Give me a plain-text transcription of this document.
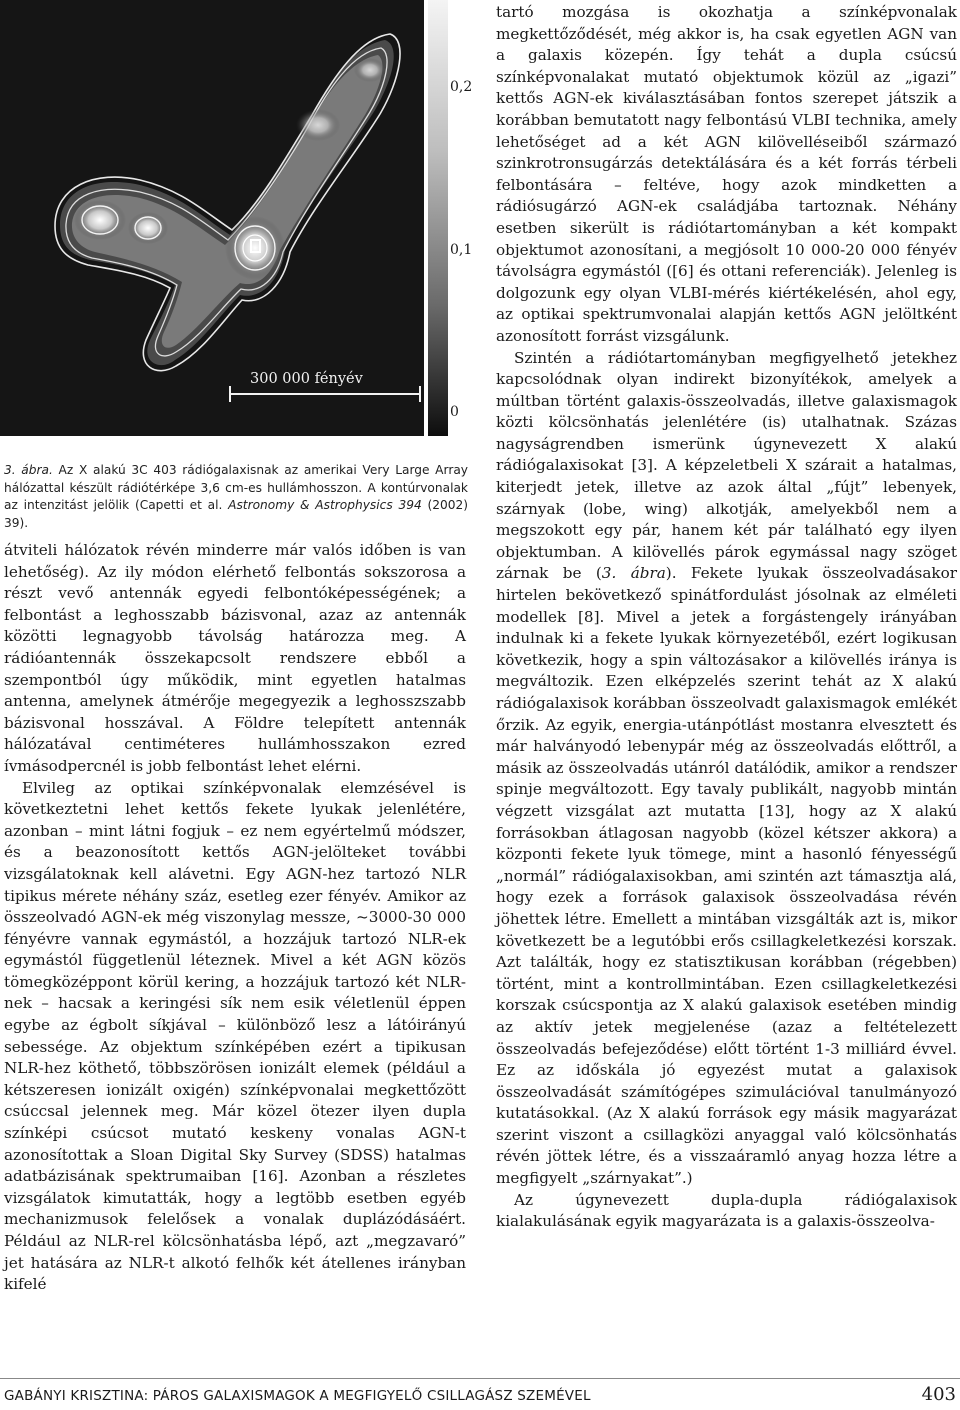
300 000 fényév
0,2
0,1
0
3. ábra. Az X alakú 3C 403 rádiógalaxisnak az amerikai Very Large Array hálózattal készült rádiótérképe 3,6 cm-es hullámhosszon. A kontúrvonalak az intenzitást jelölik (Capetti et al. Astronomy & Astrophysics 394 (2002) 39).

átviteli hálózatok révén minderre már valós időben is van lehetőség). Az ily módon elérhető felbontás sokszorosa a részt vevő antennák egyedi felbontóképességének; a felbontást a leghosszabb bázisvonal, azaz az antennák közötti legnagyobb távolság határozza meg. A rádióantennák összekapcsolt rendszere ebből a szempontból úgy működik, mint egyetlen hatalmas antenna, amelynek átmérője megegyezik a leghosszszabb bázisvonal hosszával. A Földre telepített antennák hálózatával centiméteres hullámhosszakon ezred ívmásodpercnél is jobb felbontást lehet elérni.

Elvileg az optikai színképvonalak elemzésével is következtetni lehet kettős fekete lyukak jelenlétére, azonban – mint látni fogjuk – ez nem egyértelmű módszer, és a beazonosított kettős AGN-jelölteket további vizsgálatoknak kell alávetni. Egy AGN-hez tartozó NLR tipikus mérete néhány száz, esetleg ezer fényév. Amikor az összeolvadó AGN-ek még viszonylag messze, ~3000-30 000 fényévre vannak egymástól, a hozzájuk tartozó NLR-ek egymástól függetlenül léteznek. Mivel a két AGN közös tömegközéppont körül kering, a hozzájuk tartozó két NLR-nek – hacsak a keringési sík nem esik véletlenül éppen egybe az égbolt síkjával – különböző lesz a látóirányú sebessége. Az objektum színképében ezért a tipikusan NLR-hez köthető, többszörösen ionizált elemek (például a kétszeresen ionizált oxigén) színképvonalai megkettőzött csúccsal jelennek meg. Már közel ötezer ilyen dupla színképi csúcsot mutató keskeny vonalas AGN-t azonosítottak a Sloan Digital Sky Survey (SDSS) hatalmas adatbázisának spektrumaiban [16]. Azonban a részletes vizsgálatok kimutatták, hogy a legtöbb esetben egyéb mechanizmusok felelősek a vonalak duplázódásáért. Például az NLR-rel kölcsönhatásba lépő, azt „megzavaró” jet hatására az NLR-t alkotó felhők két átellenes irányban kifelé

tartó mozgása is okozhatja a színképvonalak megkettőződését, még akkor is, ha csak egyetlen AGN van a galaxis közepén. Így tehát a dupla csúcsú színképvonalakat mutató objektumok közül az „igazi” kettős AGN-ek kiválasztásában fontos szerepet játszik a korábban bemutatott nagy felbontású VLBI technika, amely lehetőséget ad a két AGN kilövelléseiből származó szinkrotronsugárzás detektálására és a két forrás térbeli felbontására – feltéve, hogy azok mindketten a rádiósugárzó AGN-ek családjába tartoznak. Néhány esetben sikerült is rádiótartományban a két kompakt objektumot azonosítani, a megjósolt 10 000-20 000 fényév távolságra egymástól ([6] és ottani referenciák). Jelenleg is dolgozunk egy olyan VLBI-mérés kiértékelésén, ahol egy, az optikai spektrumvonalai alapján kettős AGN jelöltként azonosított forrást vizsgálunk.

Szintén a rádiótartományban megfigyelhető jetekhez kapcsolódnak olyan indirekt bizonyítékok, amelyek a múltban történt galaxis-összeolvadás, illetve galaxismagok közti kölcsönhatás jelenlétére (is) utalhatnak. Százas nagyságrendben ismerünk úgynevezett X alakú rádiógalaxisokat [3]. A képzeletbeli X szárait a hatalmas, kiterjedt jetek, illetve az azok által „fújt” lebenyek, szárnyak (lobe, wing) alkotják, amelyekből nem a megszokott egy pár, hanem két pár található egy ilyen objektumban. A kilövellés párok egymással nagy szöget zárnak be (3. ábra). Fekete lyukak összeolvadásakor hirtelen bekövetkező spinátfordulást jósolnak az elméleti modellek [8]. Mivel a jetek a forgástengely irányában indulnak ki a fekete lyukak környezetéből, ezért logikusan következik, hogy a spin változásakor a kilövellés iránya is megváltozik. Ezen elképzelés szerint tehát az X alakú rádiógalaxisok korábban összeolvadt galaxismagok emlékét őrzik. Az egyik, energia-utánpótlást mostanra elvesztett és már halványodó lebenypár még az összeolvadás előttről, a másik az összeolvadás utánról datálódik, amikor a rendszer spinje megváltozott. Egy tavaly publikált, nagyobb mintán végzett vizsgálat azt mutatta [13], hogy az X alakú forrásokban átlagosan nagyobb (közel kétszer akkora) a központi fekete lyuk tömege, mint a hasonló fényességű „normál” rádiógalaxisokban, ami szintén azt támasztja alá, hogy ezek a források galaxisok összeolvadása révén jöhettek létre. Emellett a mintában vizsgálták azt is, mikor következett be a legutóbbi erős csillagkeletkezési korszak. Azt találták, hogy ez statisztikusan korábban (régebben) történt, mint a kontrollmintában. Ezen csillagkeletkezési korszak csúcspontja az X alakú galaxisok esetében mindig az aktív jetek megjelenése (azaz a feltételezett összeolvadás befejeződése) előtt történt 1-3 milliárd évvel. Ez az időskála jó egyezést mutat a galaxisok összeolvadását számítógépes szimulációval tanulmányozó kutatásokkal. (Az X alakú források egy másik magyarázat szerint viszont a csillagközi anyaggal való kölcsönhatás révén jöttek létre, és a visszaáramló anyag hozza létre a megfigyelt „szárnyakat”.)

Az úgynevezett dupla-dupla rádiógalaxisok kialakulásának egyik magyarázata is a galaxis-összeolva-

GABÁNYI KRISZTINA: PÁROS GALAXISMAGOK A MEGFIGYELŐ CSILLAGÁSZ SZEMÉVEL	403
